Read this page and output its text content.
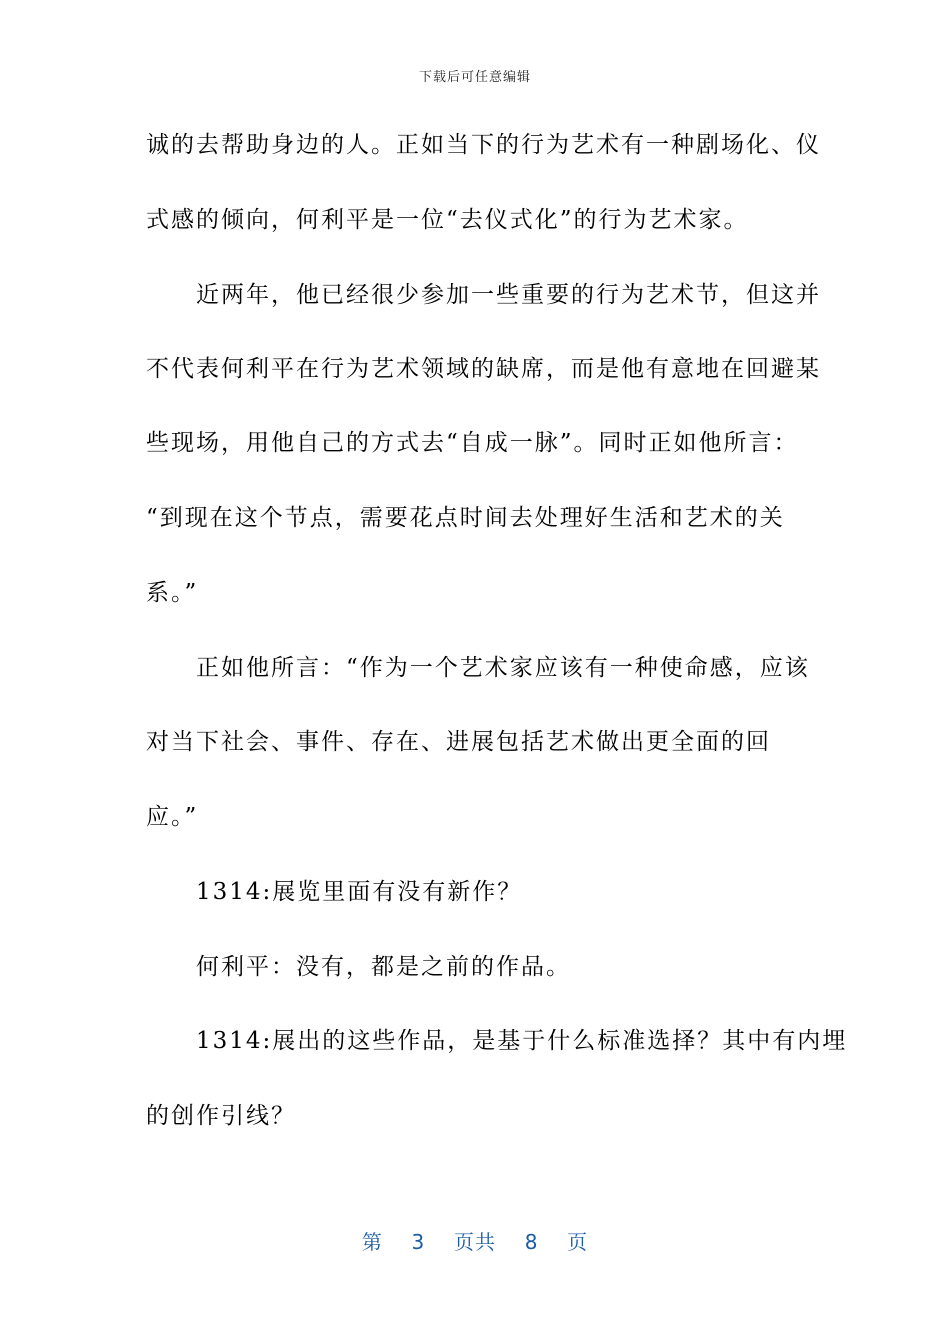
下载后可任意编辑
诚的去帮助身边的人。正如当下的行为艺术有一种剧场化、仪
式感的倾向，何利平是一位“去仪式化”的行为艺术家。
　　近两年，他已经很少参加一些重要的行为艺术节，但这并
不代表何利平在行为艺术领域的缺席，而是他有意地在回避某
些现场，用他自己的方式去“自成一脉”。同时正如他所言：
“到现在这个节点，需要花点时间去处理好生活和艺术的关
系。”
　　正如他所言：“作为一个艺术家应该有一种使命感，应该
对当下社会、事件、存在、进展包括艺术做出更全面的回
应。”
　　1314:展览里面有没有新作？
　　何利平：没有，都是之前的作品。
　　1314:展出的这些作品，是基于什么标准选择？其中有内埋
的创作引线？
第 3 页共 8 页
